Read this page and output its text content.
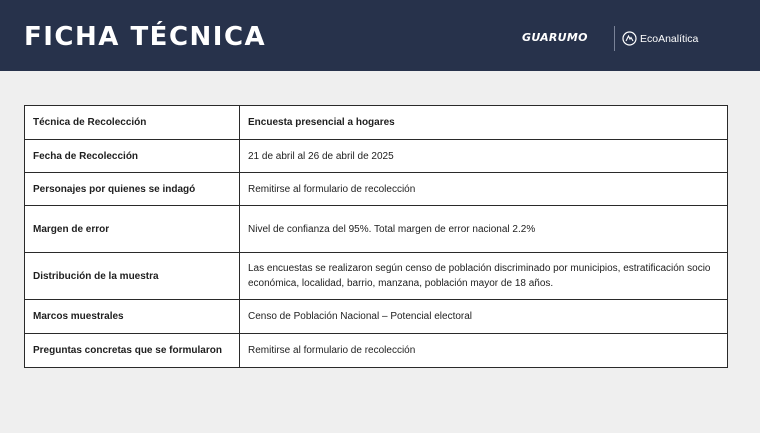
FICHA TÉCNICA	GUARUMO	EcoAnalítica
Técnica de Recolección	Encuesta presencial a hogares
Fecha de Recolección	21 de abril al 26 de abril de 2025
Personajes por quienes se indagó	Remitirse al formulario de recolección
Margen de error	Nivel de confianza del 95%. Total margen de error nacional 2.2%
Distribución de la muestra	Las encuestas se realizaron según censo de población discriminado por municipios, estratificación socio económica, localidad, barrio, manzana, población mayor de 18 años.
Marcos muestrales	Censo de Población Nacional – Potencial electoral
Preguntas concretas que se formularon	Remitirse al formulario de recolección
